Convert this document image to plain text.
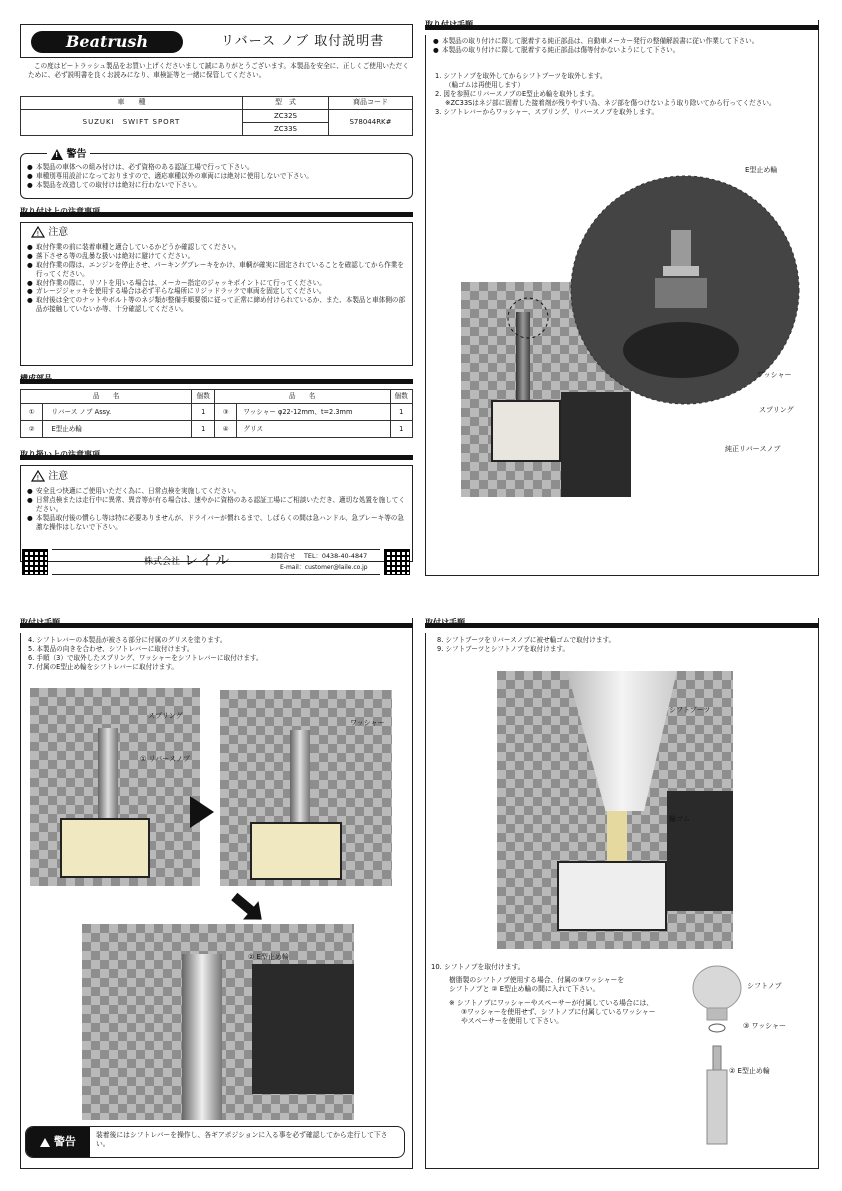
Beatrush	リバース ノブ 取付説明書
この度はビートラッシュ製品をお買い上げくださいまして誠にありがとうございます。本製品を安全に、正しくご使用いただくために、必ず説明書を良くお読みになり、車検証等と一緒に保管してください。
車　　種	型　式	商品コード
SUZUKI　SWIFT SPORT	ZC32S
ZC33S	S78044RK#
! 警告
● 本製品の車体への組み付けは、必ず資格のある認証工場で行って下さい。
● 車種別専用設計になっておりますので、適応車種以外の車両には絶対に使用しないで下さい。
● 本製品を改造しての取付けは絶対に行わないで下さい。
取り付け上の注意事項
! 注意
● 取付作業の前に装着車種と適合しているかどうか確認してください。
● 落下させる等の乱暴な扱いは絶対に避けてください。
● 取付作業の際は、エンジンを停止させ、パーキングブレーキをかけ、車輌が確実に固定されていることを確認してから作業を行ってください。
● 取付作業の際に、リフトを用いる場合は、メーカー指定のジャッキポイントにて行ってください。
● ガレージジャッキを使用する場合は必ず平らな場所にリジッドラックで車両を固定してください。
● 取付後は全てのナットやボルト等のネジ類が整備手順要領に従って正常に締め付けられているか、また、本製品と車体側の部品が接触していないか等、十分確認してください。
構成部品
品　　名		個数	品　　名		個数
①	リバース ノブ Assy.	1	③	ワッシャー φ22-12mm、t=2.3mm	1
②	E型止め輪	1	④	グリス	1
取り扱い上の注意事項
! 注意
● 安全且つ快適にご使用いただく為に、日常点検を実施してください。
● 日常点検または走行中に異常、異音等が有る場合は、速やかに資格のある認証工場にご相談いただき、適切な処置を施してください。
● 本製品取付後の慣らし等は特に必要ありませんが、ドライバーが慣れるまで、しばらくの間は急ハンドル、急ブレーキ等の急激な操作はしないで下さい。
株式会社 レイル	お問合せ TEL：0438-40-4847
E-mail：customer@laile.co.jp
取り付け手順
● 本製品の取り付けに際して脱着する純正部品は、自動車メーカー発行の整備解説書に従い作業して下さい。
● 本製品の取り付けに際して脱着する純正部品は傷等付かないようにして下さい。
1. シフトノブを取外してからシフトブーツを取外します。
（輪ゴムは再使用します）
2. 図を参照にリバースノブのE型止め輪を取外します。
※ZC33Sはネジ部に固着した接着剤が残りやすい為、ネジ部を傷つけないよう取り除いてから行ってください。
3. シフトレバーからワッシャー、スプリング、リバースノブを取外します。
E型止め輪
ワッシャー
スプリング
純正リバースノブ
取付け手順
4. シフトレバーの本製品が被さる部分に付属のグリスを塗ります。
5. 本製品の向きを合わせ、シフトレバーに取付けます。
6. 手順（3）で取外したスプリング、ワッシャーをシフトレバーに取付けます。
7. 付属のE型止め輪をシフトレバーに取付けます。
スプリング
① リバースノブ
ワッシャー
② E型止め輪
警告	装着後にはシフトレバーを操作し、各ギアポジションに入る事を必ず確認してから走行して下さい。
取付け手順
8. シフトブーツをリバースノブに被せ輪ゴムで取付けます。
9. シフトブーツとシフトノブを取付けます。
シフトブーツ
輪ゴム
10. シフトノブを取付けます。
樹脂製のシフトノブ使用する場合、付属の③ワッシャーを
シフトノブと ② E型止め輪の間に入れて下さい。
※ シフトノブにワッシャーやスペーサーが付属している場合には、
③ワッシャーを使用せず、シフトノブに付属しているワッシャー
やスペーサーを使用して下さい。
シフトノブ
③ ワッシャー
② E型止め輪
